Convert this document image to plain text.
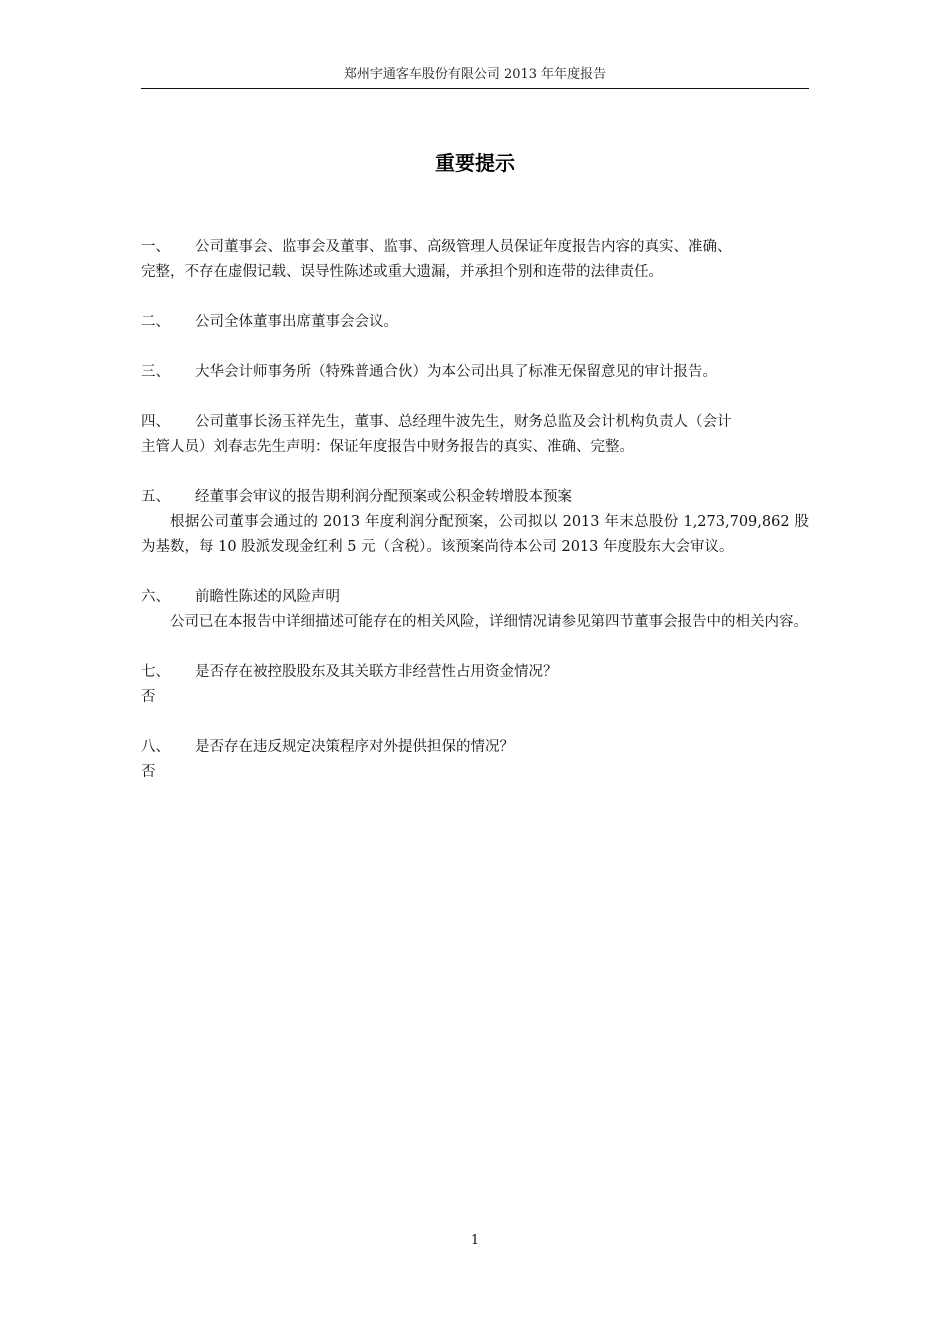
郑州宇通客车股份有限公司 2013 年年度报告
重要提示
一、	公司董事会、监事会及董事、监事、高级管理人员保证年度报告内容的真实、准确、
完整，不存在虚假记载、误导性陈述或重大遗漏，并承担个别和连带的法律责任。
二、	公司全体董事出席董事会会议。
三、	大华会计师事务所（特殊普通合伙）为本公司出具了标准无保留意见的审计报告。
四、	公司董事长汤玉祥先生，董事、总经理牛波先生，财务总监及会计机构负责人（会计
主管人员）刘春志先生声明：保证年度报告中财务报告的真实、准确、完整。
五、	经董事会审议的报告期利润分配预案或公积金转增股本预案
根据公司董事会通过的 2013 年度利润分配预案，公司拟以 2013 年末总股份 1,273,709,862 股为基数，每 10 股派发现金红利 5 元（含税）。该预案尚待本公司 2013 年度股东大会审议。
六、	前瞻性陈述的风险声明
公司已在本报告中详细描述可能存在的相关风险，详细情况请参见第四节董事会报告中的相关内容。
七、	是否存在被控股股东及其关联方非经营性占用资金情况？
否
八、	是否存在违反规定决策程序对外提供担保的情况？
否
1
